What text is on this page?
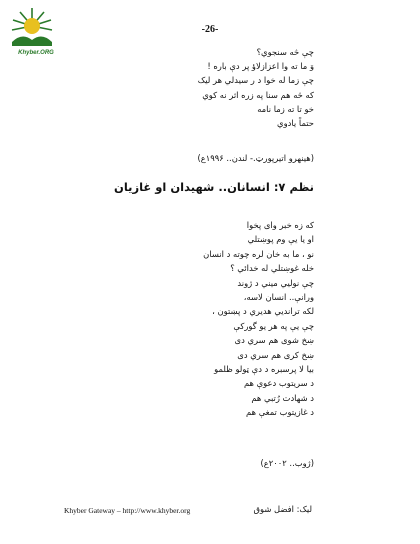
Khyber.ORG
-26-
چې څه سنجوي؟
وَ ما ته وا اعزازلاؤ پر دې باره !
چې زما له خوا د ر سيدلي هر ليک
که څه هم سنا په زره اثر نه کوي
خو تا ته زما نامه
حتماً يادوي
(هينهرو اتيرپورټ.- لندن.. ۱۹۹۶ع)
نظم ۷: انسانان.. شهيدان او غازيان
که زه خبر وای پخوا
او يا يې وم پوښتلي
نو ، ما به خان لره چوته د انسان
خله غوښتلي له خدائي ؟
چې نوليي ميني د ژوند
ورانې.. انسان لاسه،
لکه ترانديي هديري د پښتون ،
چې يې په هر يو گورکې
ښخ شوی هم سري دی
ښخ کری هم سري دی
بيا لا پرسبره د دې ټولو ظلمو
د سريتوب دعوې هم
د شهادت رُتبي هم
د غازيتوب تمغې هم
(ژوب.. ۲۰۰۲ع)
Khyber Gateway – http://www.khyber.org	ليک: افضل شوق
